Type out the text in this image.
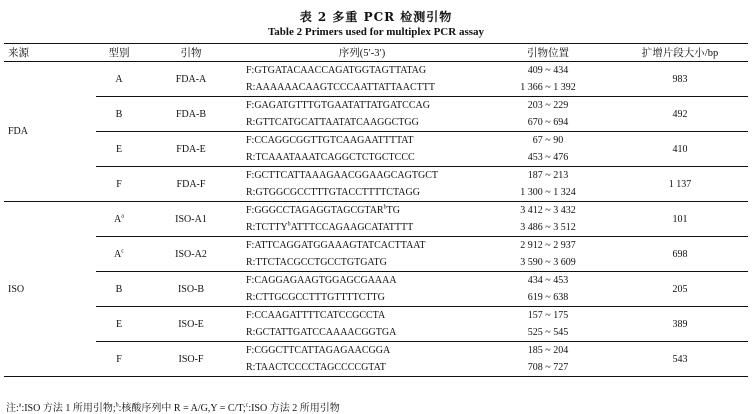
表 2 多重 PCR 检测引物
Table 2 Primers used for multiplex PCR assay
来源	型别	引物	序列(5′-3′)	引物位置	扩增片段大小/bp
FDA	A	FDA-A	F:GTGATACAACCAGATGGTAGTTATAG	409 ~ 434	983
			R:AAAAAACAAGTCCCAATTATTAACTTT	1 366 ~ 1 392	
	B	FDA-B	F:GAGATGTTTGTGAATATTATGATCCAG	203 ~ 229	492
			R:GTTCATGCATTAATATCAAGGCTGG	670 ~ 694	
	E	FDA-E	F:CCAGGCGGTTGTCAAGAATTTTAT	67 ~ 90	410
			R:TCAAATAAATCAGGCTCTGCTCCC	453 ~ 476	
	F	FDA-F	F:GCTTCATTAAAGAACGGAAGCAGTGCT	187 ~ 213	1 137
			R:GTGGCGCCTTTGTACCTTTTCTAGG	1 300 ~ 1 324	
ISO	$A^a$	ISO-A1	F:GGGCCTAGAGGTAGCGTAR$^b$TG	3 412 ~ 3 432	101
			R:TCTTY$^b$ATTTCCAGAAGCATATTTT	3 486 ~ 3 512	
	$A^c$	ISO-A2	F:ATTCAGGATGGAAAGTATCACTTAAT	2 912 ~ 2 937	698
			R:TTCTACGCCTGCCTGTGATG	3 590 ~ 3 609	
	B	ISO-B	F:CAGGAGAAGTGGAGCGAAAA	434 ~ 453	205
			R:CTTGCGCCTTTGTTTTCTTG	619 ~ 638	
	E	ISO-E	F:CCAAGATTTTCATCCGCCTA	157 ~ 175	389
			R:GCTATTGATCCAAAACGGTGA	525 ~ 545	
	F	ISO-F	F:CGGCTTCATTAGAGAACGGA	185 ~ 204	543
			R:TAACTCCCCTAGCCCCGTAT	708 ~ 727	
注:$^a$:ISO 方法 1 所用引物;$^b$:核酸序列中 R = A/G,Y = C/T;$^c$:ISO 方法 2 所用引物
